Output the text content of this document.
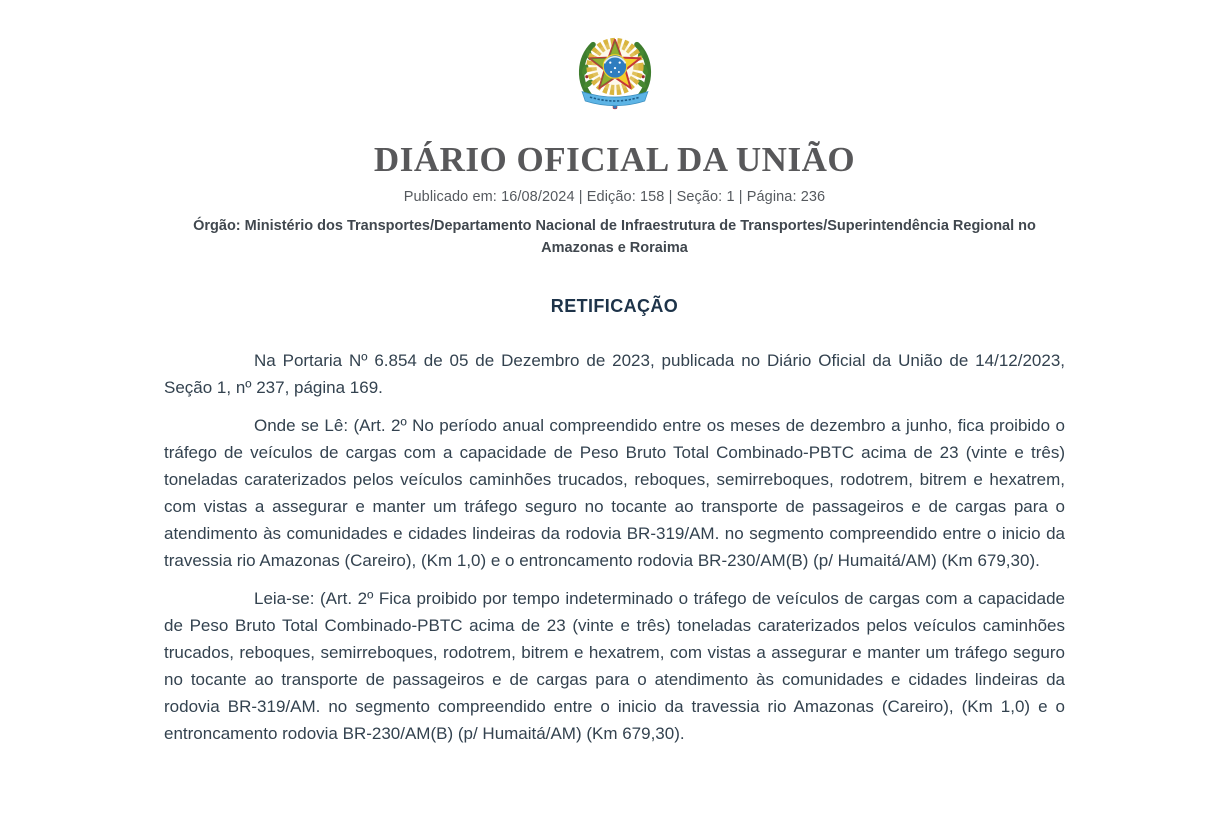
DIÁRIO OFICIAL DA UNIÃO
Publicado em: 16/08/2024 | Edição: 158 | Seção: 1 | Página: 236
Órgão: Ministério dos Transportes/Departamento Nacional de Infraestrutura de Transportes/Superintendência Regional no Amazonas e Roraima
RETIFICAÇÃO

Na Portaria Nº 6.854 de 05 de Dezembro de 2023, publicada no Diário Oficial da União de 14/12/2023, Seção 1, nº 237, página 169.

Onde se Lê: (Art. 2º No período anual compreendido entre os meses de dezembro a junho, fica proibido o tráfego de veículos de cargas com a capacidade de Peso Bruto Total Combinado-PBTC acima de 23 (vinte e três) toneladas caraterizados pelos veículos caminhões trucados, reboques, semirreboques, rodotrem, bitrem e hexatrem, com vistas a assegurar e manter um tráfego seguro no tocante ao transporte de passageiros e de cargas para o atendimento às comunidades e cidades lindeiras da rodovia BR-319/AM. no segmento compreendido entre o inicio da travessia rio Amazonas (Careiro), (Km 1,0) e o entroncamento rodovia BR-230/AM(B) (p/ Humaitá/AM) (Km 679,30).

Leia-se: (Art. 2º Fica proibido por tempo indeterminado o tráfego de veículos de cargas com a capacidade de Peso Bruto Total Combinado-PBTC acima de 23 (vinte e três) toneladas caraterizados pelos veículos caminhões trucados, reboques, semirreboques, rodotrem, bitrem e hexatrem, com vistas a assegurar e manter um tráfego seguro no tocante ao transporte de passageiros e de cargas para o atendimento às comunidades e cidades lindeiras da rodovia BR-319/AM. no segmento compreendido entre o inicio da travessia rio Amazonas (Careiro), (Km 1,0) e o entroncamento rodovia BR-230/AM(B) (p/ Humaitá/AM) (Km 679,30).
